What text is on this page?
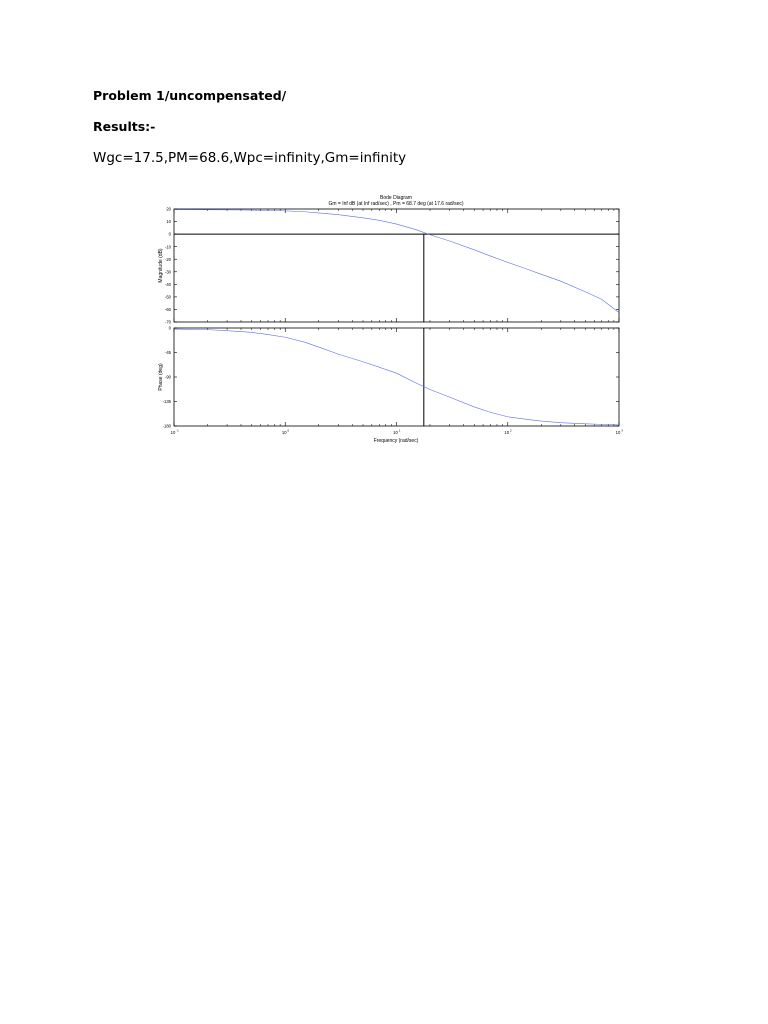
Problem 1/uncompensated/
Results:-
Wgc=17.5,PM=68.6,Wpc=infinity,Gm=infinity
Bode Diagram
Gm = Inf dB (at Inf rad/sec) , Pm = 68.7 deg (at 17.6 rad/sec)
20
10
0
-10
-20
-30
-40
-50
-60
-70
Magnitude (dB)
0
-45
-90
-135
-180
Phase (deg)
10 -1	10 0	10 1	10 2	10 3
Frequency (rad/sec)
